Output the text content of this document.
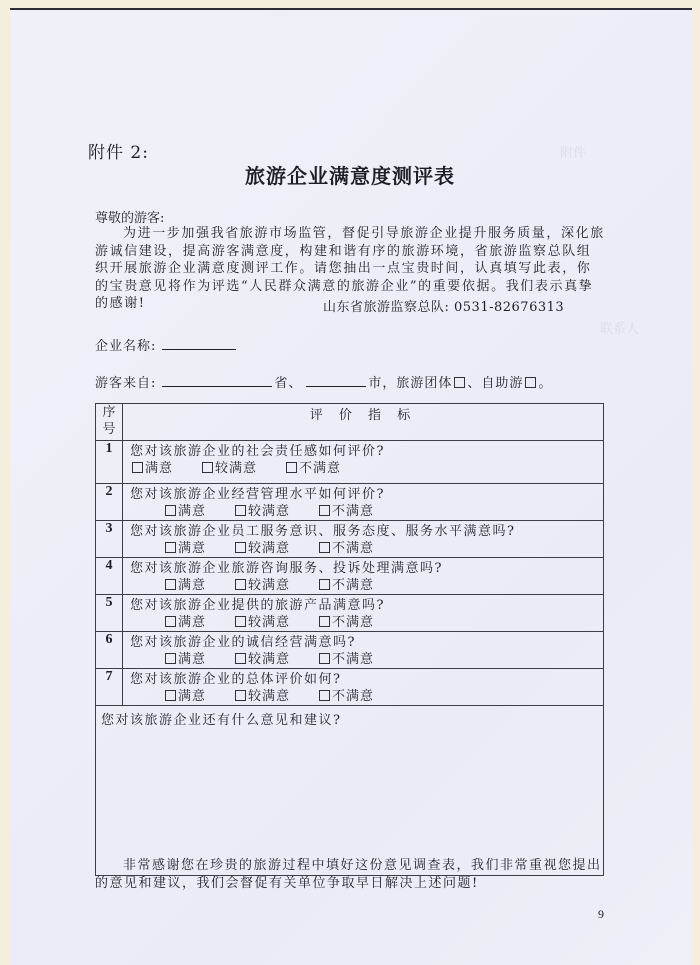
附件 2:
旅游企业满意度测评表
尊敬的游客:
为进一步加强我省旅游市场监管，督促引导旅游企业提升服务质量，深化旅游诚信建设，提高游客满意度，构建和谐有序的旅游环境，省旅游监察总队组织开展旅游企业满意度测评工作。请您抽出一点宝贵时间，认真填写此表，你的宝贵意见将作为评选“人民群众满意的旅游企业”的重要依据。我们表示真挚的感谢!	山东省旅游监察总队: 0531-82676313
企业名称:
游客来自:	省、	市，旅游团体 、自助游 。
序
号	评 价 指 标
1	您对该旅游企业的社会责任感如何评价?
满意 较满意 不满意

2	您对该旅游企业经营管理水平如何评价?
满意 较满意 不满意

3	您对该旅游企业员工服务意识、服务态度、服务水平满意吗?
满意 较满意 不满意

4	您对该旅游企业旅游咨询服务、投诉处理满意吗?
满意 较满意 不满意

5	您对该旅游企业提供的旅游产品满意吗?
满意 较满意 不满意

6	您对该旅游企业的诚信经营满意吗?
满意 较满意 不满意

7	您对该旅游企业的总体评价如何?
满意 较满意 不满意

您对该旅游企业还有什么意见和建议?	
非常感谢您在珍贵的旅游过程中填好这份意见调查表，我们非常重视您提出的意见和建议，我们会督促有关单位争取早日解决上述问题!
9
附件
联系人
